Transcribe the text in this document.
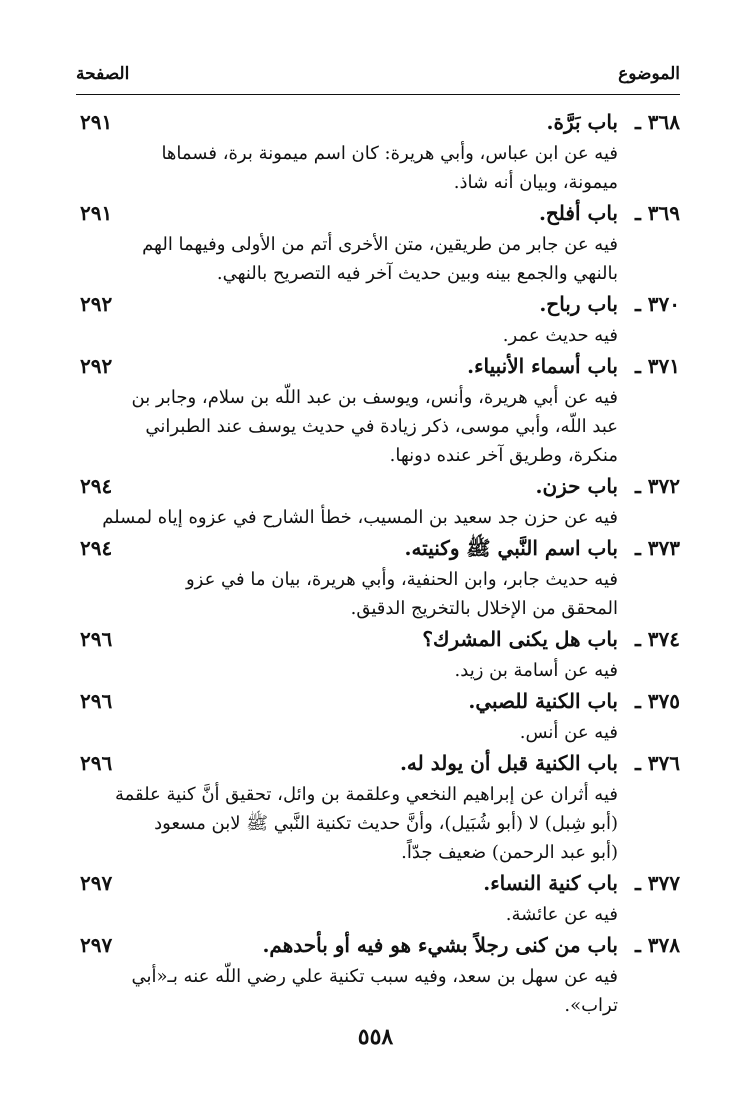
الموضوع
الصفحة
٣٦٨ ـ
باب بَرَّة.
٢٩١
فيه عن ابن عباس، وأبي هريرة: كان اسم ميمونة برة، فسماها
ميمونة، وبيان أنه شاذ.
٣٦٩ ـ
باب أفلح.
٢٩١
فيه عن جابر من طريقين، متن الأخرى أتم من الأولى وفيهما الهم
بالنهي والجمع بينه وبين حديث آخر فيه التصريح بالنهي.
٣٧٠ ـ
باب رباح.
٢٩٢
فيه حديث عمر.
٣٧١ ـ
باب أسماء الأنبياء.
٢٩٢
فيه عن أبي هريرة، وأنس، ويوسف بن عبد اللّه بن سلام، وجابر بن
عبد اللّه، وأبي موسى، ذكر زيادة في حديث يوسف عند الطبراني
منكرة، وطريق آخر عنده دونها.
٣٧٢ ـ
باب حزن.
٢٩٤
فيه عن حزن جد سعيد بن المسيب، خطأ الشارح في عزوه إياه لمسلم
٣٧٣ ـ
باب اسم النَّبي ﷺ وكنيته.
٢٩٤
فيه حديث جابر، وابن الحنفية، وأبي هريرة، بيان ما في عزو
المحقق من الإخلال بالتخريج الدقيق.
٣٧٤ ـ
باب هل يكنى المشرك؟
٢٩٦
فيه عن أسامة بن زيد.
٣٧٥ ـ
باب الكنية للصبي.
٢٩٦
فيه عن أنس.
٣٧٦ ـ
باب الكنية قبل أن يولد له.
٢٩٦
فيه أثران عن إبراهيم النخعي وعلقمة بن وائل، تحقيق أنَّ كنية علقمة
(أبو شِبل) لا (أبو شُبَيل)، وأنَّ حديث تكنية النَّبي ﷺ لابن مسعود
(أبو عبد الرحمن) ضعيف جدّاً.
٣٧٧ ـ
باب كنية النساء.
٢٩٧
فيه عن عائشة.
٣٧٨ ـ
باب من كنى رجلاً بشيء هو فيه أو بأحدهم.
٢٩٧
فيه عن سهل بن سعد، وفيه سبب تكنية علي رضي اللّه عنه بـ«أبي
تراب».
٥٥٨
